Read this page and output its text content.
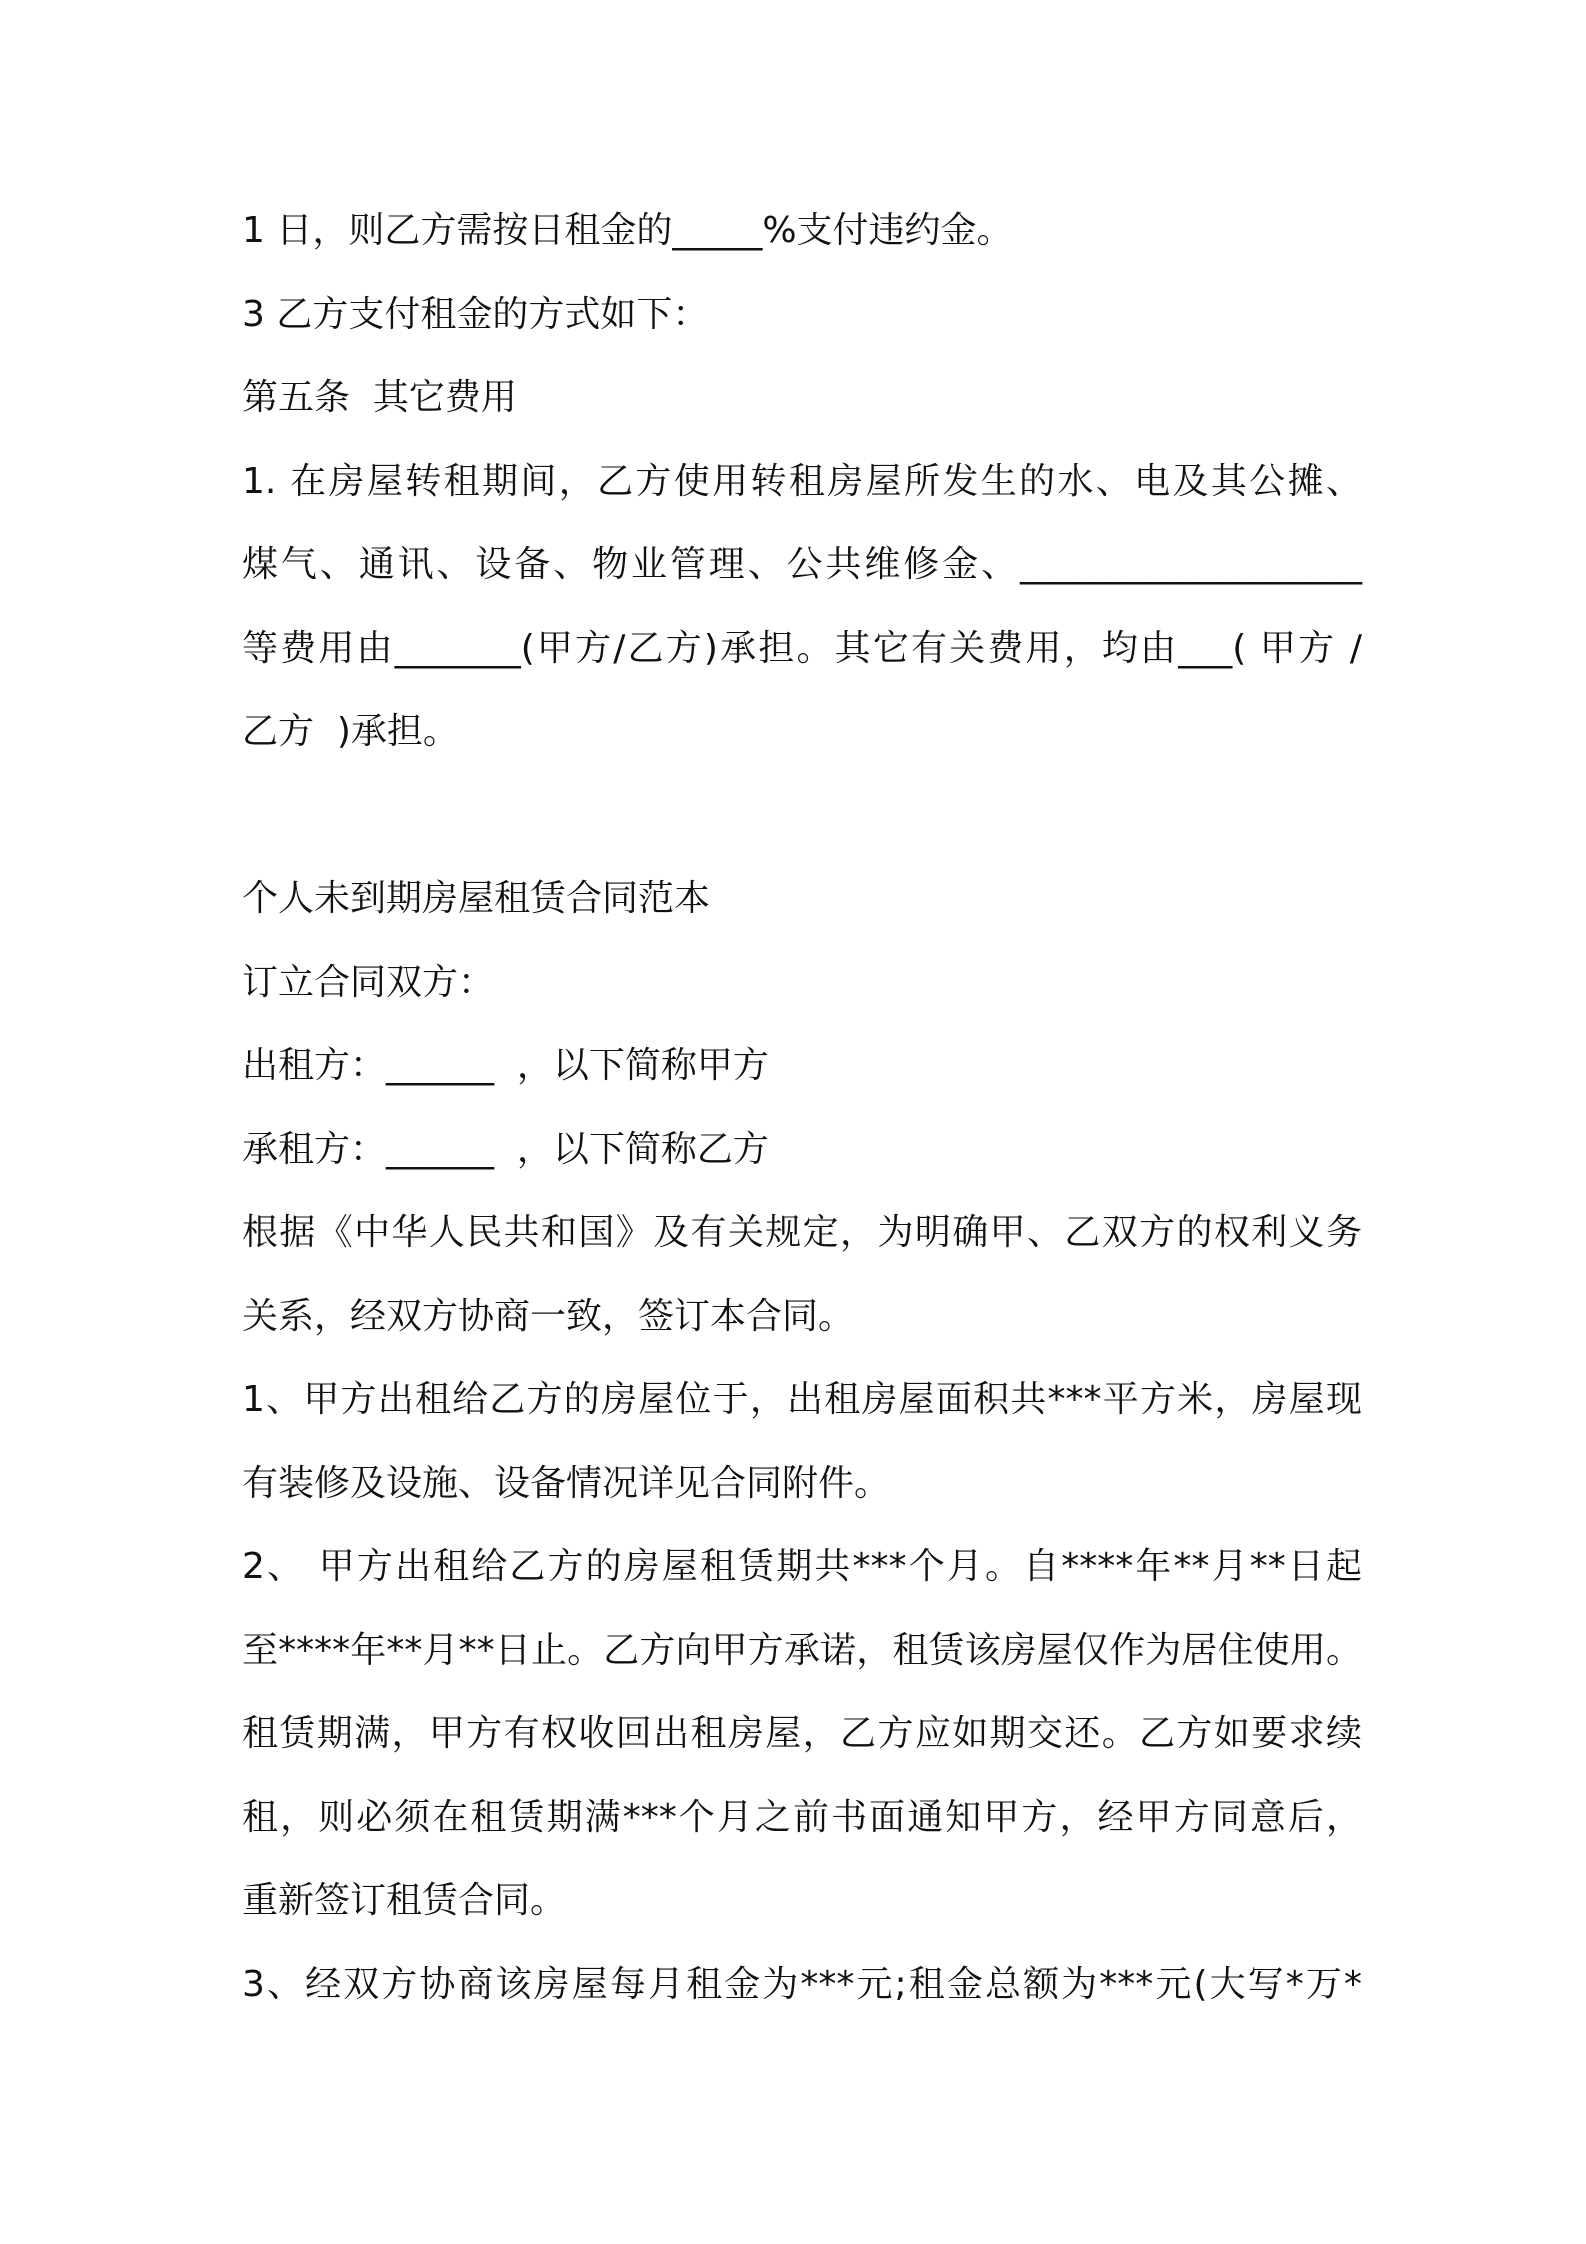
1 日，则乙方需按日租金的_____%支付违约金。
3 乙方支付租金的方式如下：
第五条  其它费用
1. 在房屋转租期间，乙方使用转租房屋所发生的水、电及其公摊、
煤气、通讯、设备、物业管理、公共维修金、___________________
等费用由_______(甲方/乙方)承担。其它有关费用，均由___( 甲方 /
乙方  )承担。
个人未到期房屋租赁合同范本
订立合同双方：
出租方：______  ，以下简称甲方
承租方：______  ，以下简称乙方
根据《中华人民共和国》及有关规定，为明确甲、乙双方的权利义务
关系，经双方协商一致，签订本合同。
1、甲方出租给乙方的房屋位于，出租房屋面积共***平方米，房屋现
有装修及设施、设备情况详见合同附件。
2、 甲方出租给乙方的房屋租赁期共***个月。自****年**月**日起
至****年**月**日止。乙方向甲方承诺，租赁该房屋仅作为居住使用。
租赁期满，甲方有权收回出租房屋，乙方应如期交还。乙方如要求续
租，则必须在租赁期满***个月之前书面通知甲方，经甲方同意后，
重新签订租赁合同。
3、经双方协商该房屋每月租金为***元;租金总额为***元(大写*万*
